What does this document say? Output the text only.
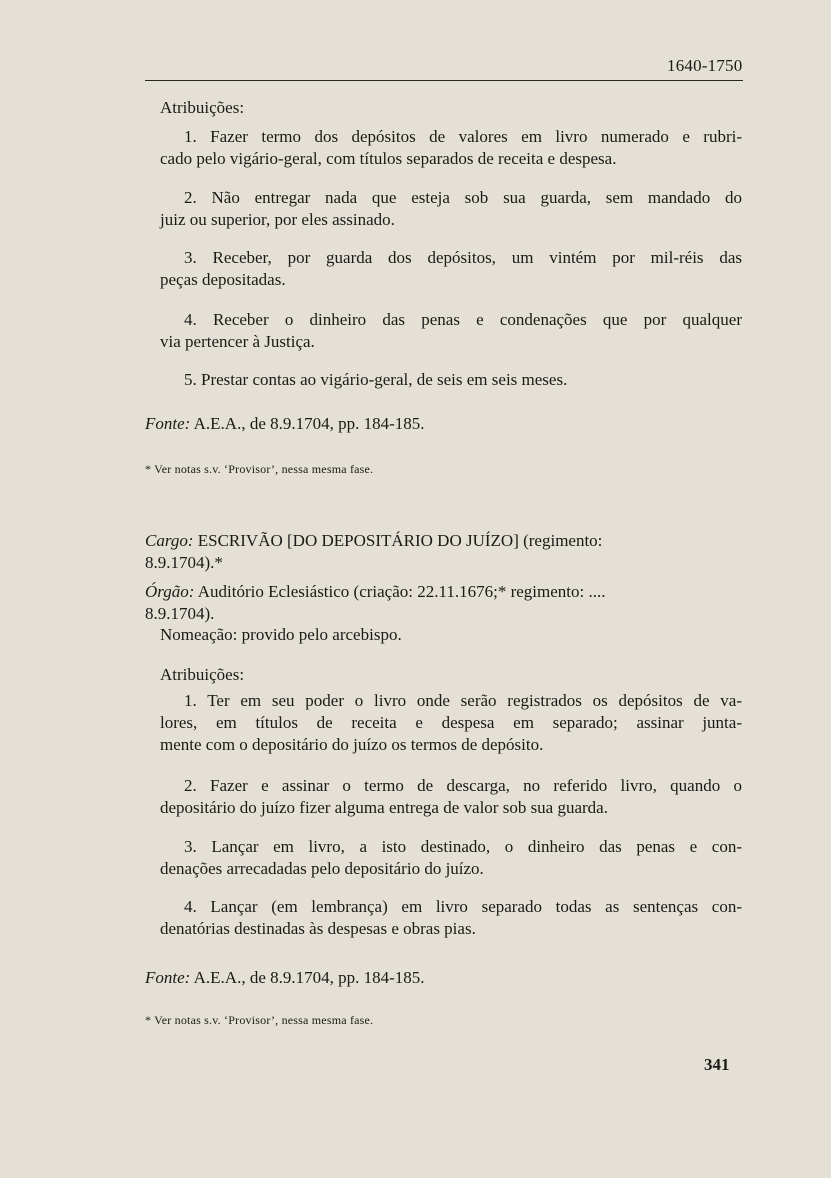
1640-1750
Atribuições:
1. Fazer termo dos depósitos de valores em livro numerado e rubri-
cado pelo vigário-geral, com títulos separados de receita e despesa.
2. Não entregar nada que esteja sob sua guarda, sem mandado do
juiz ou superior, por eles assinado.
3. Receber, por guarda dos depósitos, um vintém por mil-réis das
peças depositadas.
4. Receber o dinheiro das penas e condenações que por qualquer
via pertencer à Justiça.
5. Prestar contas ao vigário-geral, de seis em seis meses.
Fonte: A.E.A., de 8.9.1704, pp. 184-185.
* Ver notas s.v. ‘Provisor’, nessa mesma fase.
Cargo: ESCRIVÃO [DO DEPOSITÁRIO DO JUÍZO] (regimento:
8.9.1704).*
Órgão: Auditório Eclesiástico (criação: 22.11.1676;* regimento: ....
8.9.1704).
Nomeação: provido pelo arcebispo.
Atribuições:
1. Ter em seu poder o livro onde serão registrados os depósitos de va-
lores, em títulos de receita e despesa em separado; assinar junta-
mente com o depositário do juízo os termos de depósito.
2. Fazer e assinar o termo de descarga, no referido livro, quando o
depositário do juízo fizer alguma entrega de valor sob sua guarda.
3. Lançar em livro, a isto destinado, o dinheiro das penas e con-
denações arrecadadas pelo depositário do juízo.
4. Lançar (em lembrança) em livro separado todas as sentenças con-
denatórias destinadas às despesas e obras pias.
Fonte: A.E.A., de 8.9.1704, pp. 184-185.
* Ver notas s.v. ‘Provisor’, nessa mesma fase.
341
